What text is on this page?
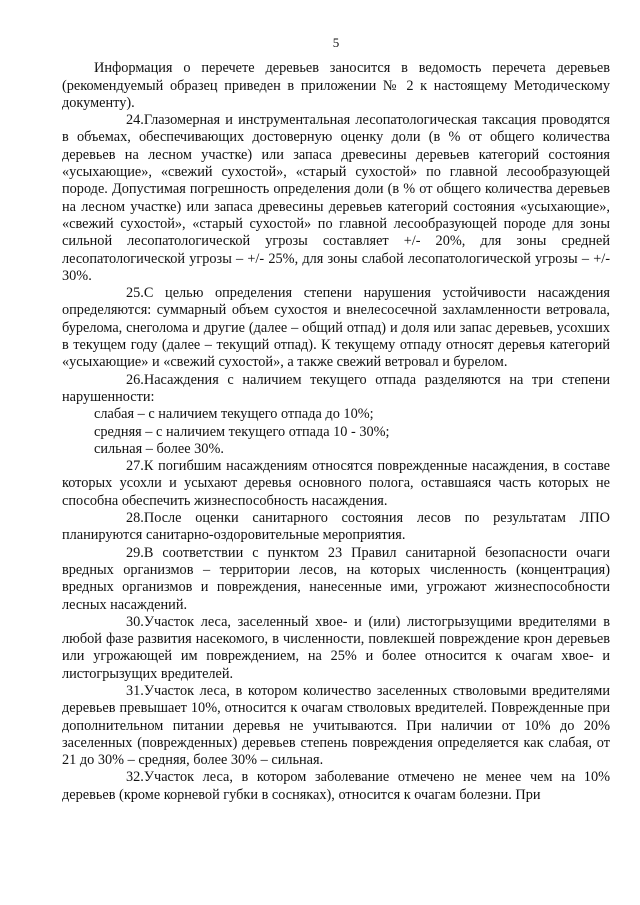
5

Информация о перечете деревьев заносится в ведомость перечета деревьев (рекомендуемый образец приведен в приложении № 2 к настоящему Методическому документу).

24.Глазомерная и инструментальная лесопатологическая таксация проводятся в объемах, обеспечивающих достоверную оценку доли (в % от общего количества деревьев на лесном участке) или запаса древесины деревьев категорий состояния «усыхающие», «свежий сухостой», «старый сухостой» по главной лесообразующей породе. Допустимая погрешность определения доли (в % от общего количества деревьев на лесном участке) или запаса древесины деревьев категорий состояния «усыхающие», «свежий сухостой», «старый сухостой» по главной лесообразующей породе для зоны сильной лесопатологической угрозы составляет +/- 20%, для зоны средней лесопатологической угрозы – +/- 25%, для зоны слабой лесопатологической угрозы – +/- 30%.

25.С целью определения степени нарушения устойчивости насаждения определяются: суммарный объем сухостоя и внелесосечной захламленности ветровала, бурелома, снеголома и другие (далее – общий отпад) и доля или запас деревьев, усохших в текущем году (далее – текущий отпад). К текущему отпаду относят деревья категорий «усыхающие» и «свежий сухостой», а также свежий ветровал и бурелом.

26.Насаждения с наличием текущего отпада разделяются на три степени нарушенности:

слабая – с наличием текущего отпада до 10%;

средняя – с наличием текущего отпада 10 - 30%;

сильная – более 30%.

27.К погибшим насаждениям относятся поврежденные насаждения, в составе которых усохли и усыхают деревья основного полога, оставшаяся часть которых не способна обеспечить жизнеспособность насаждения.

28.После оценки санитарного состояния лесов по результатам ЛПО планируются санитарно-оздоровительные мероприятия.

29.В соответствии с пунктом 23 Правил санитарной безопасности очаги вредных организмов – территории лесов, на которых численность (концентрация) вредных организмов и повреждения, нанесенные ими, угрожают жизнеспособности лесных насаждений.

30.Участок леса, заселенный хвое- и (или) листогрызущими вредителями в любой фазе развития насекомого, в численности, повлекшей повреждение крон деревьев или угрожающей им повреждением, на 25% и более относится к очагам хвое- и листогрызущих вредителей.

31.Участок леса, в котором количество заселенных стволовыми вредителями деревьев превышает 10%, относится к очагам стволовых вредителей. Поврежденные при дополнительном питании деревья не учитываются. При наличии от 10% до 20% заселенных (поврежденных) деревьев степень повреждения определяется как слабая, от 21 до 30% – средняя, более 30% – сильная.

32.Участок леса, в котором заболевание отмечено не менее чем на 10% деревьев (кроме корневой губки в сосняках), относится к очагам болезни. При
